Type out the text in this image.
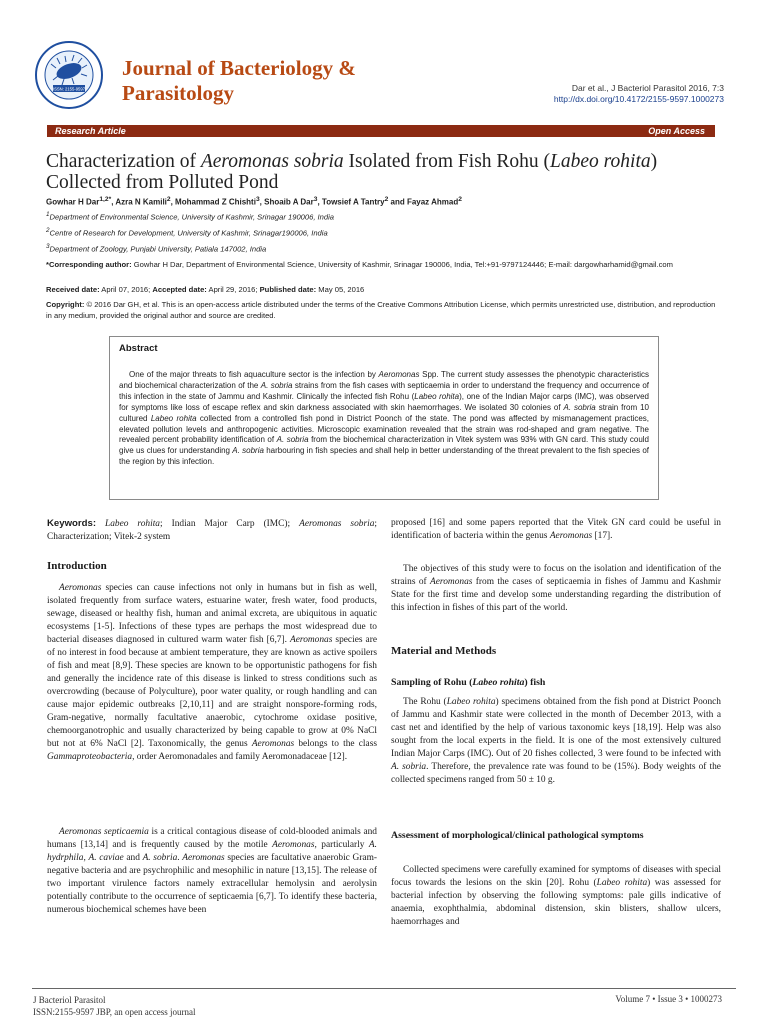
ISSN: 2155-9597
Journal of Bacteriology &
Parasitology	Dar et al., J Bacteriol Parasitol 2016, 7:3
http://dx.doi.org/10.4172/2155-9597.1000273
Research Article	Open Access
Characterization of Aeromonas sobria Isolated from Fish Rohu (Labeo rohita)
Collected from Polluted Pond
Gowhar H Dar$^{1,2*}$, Azra N Kamili$^2$, Mohammad Z Chishti$^3$, Shoaib A Dar$^3$, Towsief A Tantry$^2$ and Fayaz Ahmad$^2$
$^1$Department of Environmental Science, University of Kashmir, Srinagar 190006, India
$^2$Centre of Research for Development, University of Kashmir, Srinagar190006, India
$^3$Department of Zoology, Punjabi University, Patiala 147002, India
*Corresponding author: Gowhar H Dar, Department of Environmental Science, University of Kashmir, Srinagar 190006, India, Tel:+91-9797124446; E-mail: dargowharhamid@gmail.com
Received date: April 07, 2016; Accepted date: April 29, 2016; Published date: May 05, 2016
Copyright: © 2016 Dar GH, et al. This is an open-access article distributed under the terms of the Creative Commons Attribution License, which permits unrestricted use, distribution, and reproduction in any medium, provided the original author and source are credited.
Abstract

One of the major threats to fish aquaculture sector is the infection by Aeromonas Spp. The current study assesses the phenotypic characteristics and biochemical characterization of the A. sobria strains from the fish cases with septicaemia in order to understand the frequency and occurrence of this infection in the state of Jammu and Kashmir. Clinically the infected fish Rohu (Labeo rohita), one of the Indian Major carps (IMC), was observed for symptoms like loss of escape reflex and skin darkness associated with skin haemorrhages. We isolated 30 colonies of A. sobria strain from 10 cultured Labeo rohita collected from a controlled fish pond in District Poonch of the state. The pond was affected by mismanagement practices, elevated pollution levels and anthropogenic activities. Microscopic examination revealed that the strain was rod-shaped and gram negative. The revealed percent probability identification of A. sobria from the biochemical characterization in Vitek system was 93% with GN card. This study could give us clues for understanding A. sobria harbouring in fish species and shall help in better understanding of the threat prevalent to the fish species of the region by this infection.

Keywords: Labeo rohita; Indian Major Carp (IMC); Aeromonas sobria; Characterization; Vitek-2 system
Introduction
Aeromonas species can cause infections not only in humans but in fish as well, isolated frequently from surface waters, estuarine water, fresh water, food products, sewage, diseased or healthy fish, human and animal excreta, are ubiquitous in aquatic ecosystems [1-5]. Infections of these types are perhaps the most widespread due to bacterial diseases diagnosed in cultured warm water fish [6,7]. Aeromonas species are of no interest in food because at ambient temperature, they are known as active spoilers of fish and meat [8,9]. These species are known to be opportunistic pathogens for fish and generally the incidence rate of this disease is linked to stress conditions such as overcrowding (because of Polyculture), poor water quality, or rough handling and can cause major epidemic outbreaks [2,10,11] and are straight nonspore-forming rods, Gram-negative, normally facultative anaerobic, cytochrome oxidase positive, chemoorganotrophic and usually characterized by being capable to grow at 0% NaCl but not at 6% NaCl [2]. Taxonomically, the genus Aeromonas belongs to the class Gammaproteobacteria, order Aeromonadales and family Aeromonadaceae [12].
Aeromonas septicaemia is a critical contagious disease of cold-blooded animals and humans [13,14] and is frequently caused by the motile Aeromonas, particularly A. hydrphila, A. caviae and A. sobria. Aeromonas species are facultative anaerobic Gram-negative bacteria and are psychrophilic and mesophilic in nature [13,15]. The release of two important virulence factors namely extracellular hemolysin and aerolysin potentially contribute to the occurrence of septicaemia [6,7]. To identify these bacteria, numerous biochemical schemes have been
proposed [16] and some papers reported that the Vitek GN card could be useful in identification of bacteria within the genus Aeromonas [17].
The objectives of this study were to focus on the isolation and identification of the strains of Aeromonas from the cases of septicaemia in fishes of Jammu and Kashmir State for the first time and develop some understanding regarding the distribution of this infection in fishes of this part of the world.
Material and Methods
Sampling of Rohu (Labeo rohita) fish
The Rohu (Labeo rohita) specimens obtained from the fish pond at District Poonch of Jammu and Kashmir state were collected in the month of December 2013, with a cast net and identified by the help of various taxonomic keys [18,19]. Help was also sought from the local experts in the field. It is one of the most extensively cultured Indian Major Carps (IMC). Out of 20 fishes collected, 3 were found to be infected with A. sobria. Therefore, the prevalence rate was found to be (15%). Body weights of the collected specimens ranged from 50 ± 10 g.
Assessment of morphological/clinical pathological symptoms
Collected specimens were carefully examined for symptoms of diseases with special focus towards the lesions on the skin [20]. Rohu (Labeo rohita) was assessed for bacterial infection by observing the following symptoms: pale gills indicative of anaemia, exophthalmia, abdominal distension, skin blisters, shallow ulcers, haemorrhages and
J Bacteriol Parasitol
ISSN:2155-9597 JBP, an open access journal
Volume 7 • Issue 3 • 1000273
